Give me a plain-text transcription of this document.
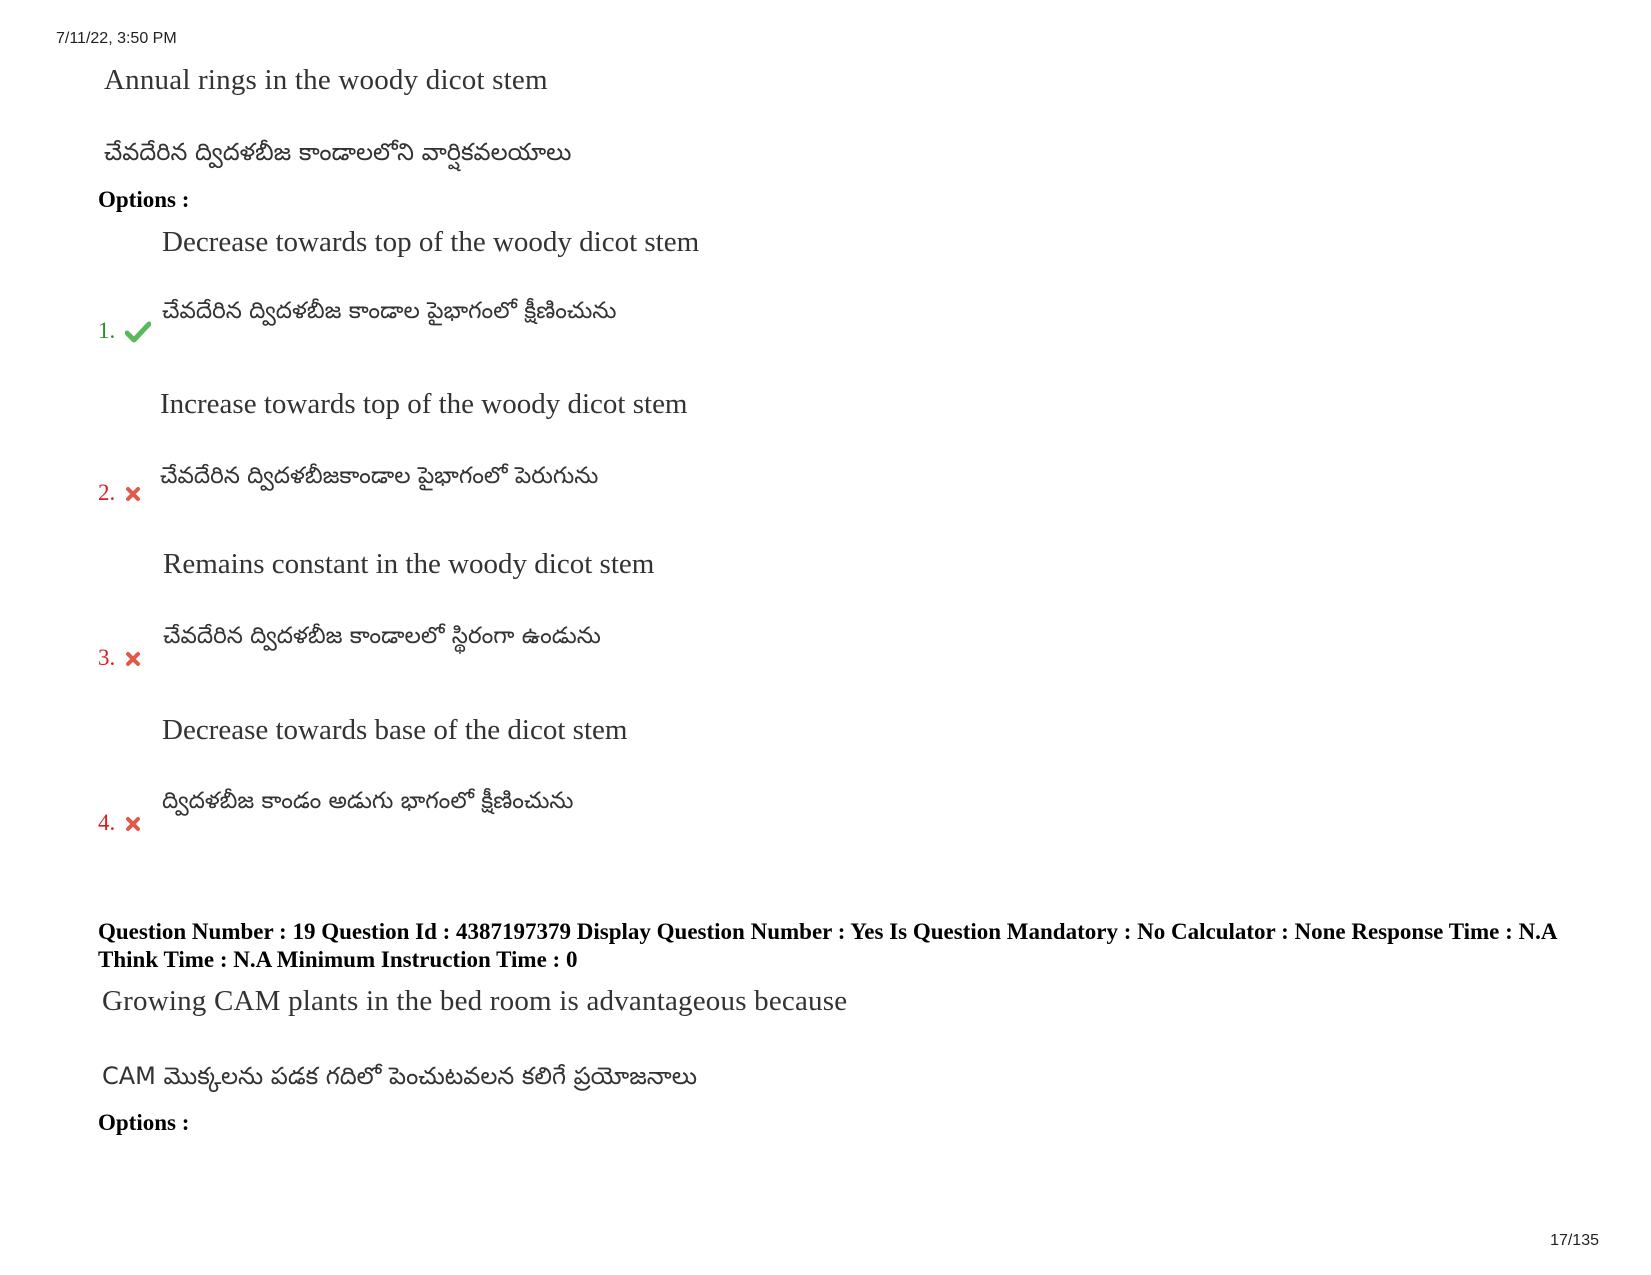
7/11/22, 3:50 PM
Annual rings in the woody dicot stem
చేవదేరిన ద్విదళబీజ కాండాలలోని వార్షికవలయాలు
Options :
Decrease towards top of the woody dicot stem
చేవదేరిన ద్విదళబీజ కాండాల పైభాగంలో క్షీణించును
1.
Increase towards top of the woody dicot stem
చేవదేరిన ద్విదళబీజకాండాల పైభాగంలో పెరుగును
2.
Remains constant in the woody dicot stem
చేవదేరిన ద్విదళబీజ కాండాలలో స్థిరంగా ఉండును
3.
Decrease towards base of the dicot stem
ద్విదళబీజ కాండం అడుగు భాగంలో క్షీణించును
4.
Question Number : 19 Question Id : 4387197379 Display Question Number : Yes Is Question Mandatory : No Calculator : None Response Time : N.A Think Time : N.A Minimum Instruction Time : 0
Growing CAM plants in the bed room is advantageous because
CAM మొక్కలను పడక గదిలో పెంచుటవలన కలిగే ప్రయోజనాలు
Options :
17/135
